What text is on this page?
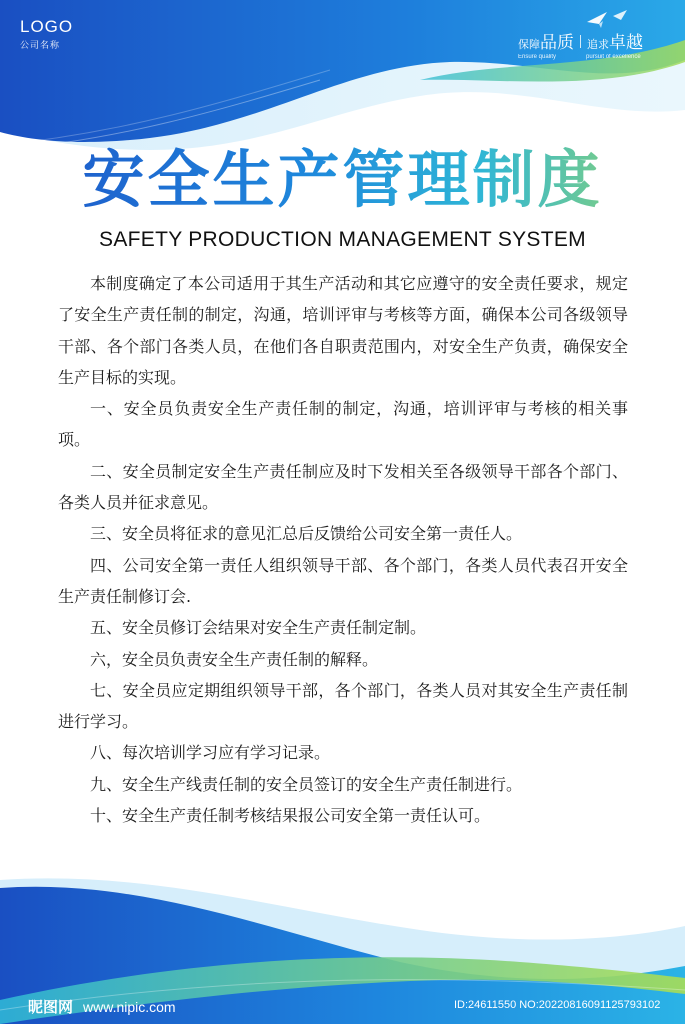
LOGO
公司名称	保障 品质 追求 卓越
Ensure quality	pursuit of excellence
安全生产管理制度
SAFETY PRODUCTION MANAGEMENT SYSTEM

本制度确定了本公司适用于其生产活动和其它应遵守的安全责任要求，规定了安全生产责任制的制定，沟通，培训评审与考核等方面，确保本公司各级领导干部、各个部门各类人员，在他们各自职责范围内，对安全生产负责，确保安全生产目标的实现。

一、安全员负责安全生产责任制的制定，沟通，培训评审与考核的相关事项。

二、安全员制定安全生产责任制应及时下发相关至各级领导干部各个部门、各类人员并征求意见。

三、安全员将征求的意见汇总后反馈给公司安全第一责任人。

四、公司安全第一责任人组织领导干部、各个部门，各类人员代表召开安全生产责任制修订会.

五、安全员修订会结果对安全生产责任制定制。

六，安全员负责安全生产责任制的解释。

七、安全员应定期组织领导干部，各个部门，各类人员对其安全生产责任制进行学习。

八、每次培训学习应有学习记录。

九、安全生产线责任制的安全员签订的安全生产责任制进行。

十、安全生产责任制考核结果报公司安全第一责任认可。

昵图网 www.nipic.com	ID:24611550 NO:20220816091125793102
